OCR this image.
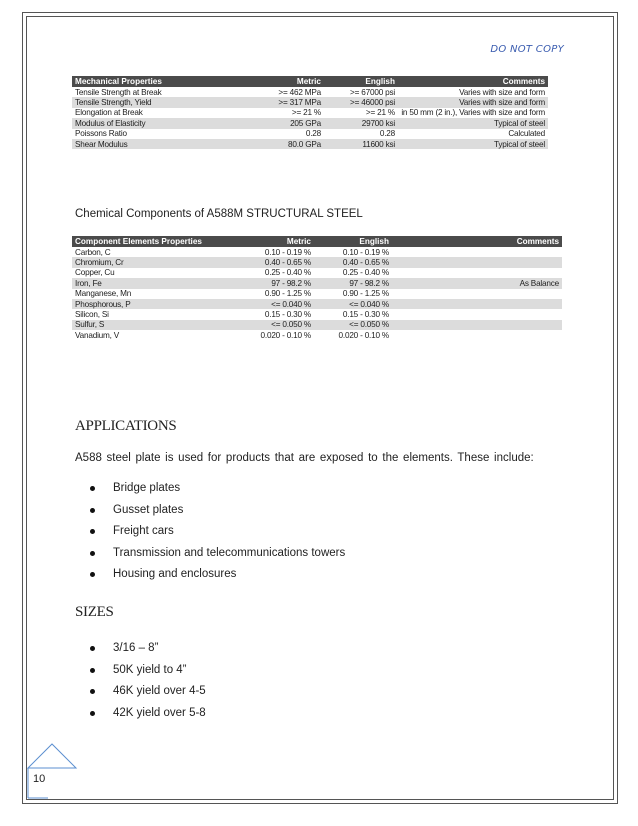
DO NOT COPY
Mechanical Properties	Metric	English	Comments
Tensile Strength at Break	>= 462 MPa	>= 67000 psi	Varies with size and form
Tensile Strength, Yield	>= 317 MPa	>= 46000 psi	Varies with size and form
Elongation at Break	>= 21 %	>= 21 %	in 50 mm (2 in.), Varies with size and form
Modulus of Elasticity	205 GPa	29700 ksi	Typical of steel
Poissons Ratio	0.28	0.28	Calculated
Shear Modulus	80.0 GPa	11600 ksi	Typical of steel
Chemical Components of A588M STRUCTURAL STEEL
Component Elements Properties	Metric	English	Comments
Carbon, C	0.10 - 0.19 %	0.10 - 0.19 %	
Chromium, Cr	0.40 - 0.65 %	0.40 - 0.65 %	
Copper, Cu	0.25 - 0.40 %	0.25 - 0.40 %	
Iron, Fe	97 - 98.2 %	97 - 98.2 %	As Balance
Manganese, Mn	0.90 - 1.25 %	0.90 - 1.25 %	
Phosphorous, P	<= 0.040 %	<= 0.040 %	
Silicon, Si	0.15 - 0.30 %	0.15 - 0.30 %	
Sulfur, S	<= 0.050 %	<= 0.050 %	
Vanadium, V	0.020 - 0.10 %	0.020 - 0.10 %	
APPLICATIONS
A588 steel plate is used for products that are exposed to the elements. These include:
Bridge plates
Gusset plates
Freight cars
Transmission and telecommunications towers
Housing and enclosures
SIZES
3/16 – 8”
50K yield to 4”
46K yield over 4-5
42K yield over 5-8
10
